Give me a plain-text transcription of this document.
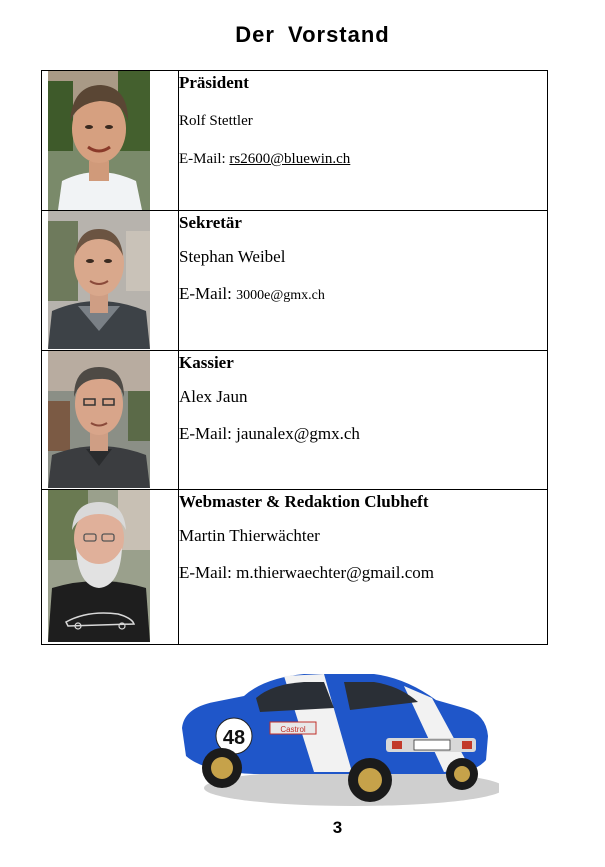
Der Vorstand

Präsident
Rolf Stettler
E-Mail: rs2600@bluewin.ch

Sekretär
Stephan Weibel
E-Mail: 3000e@gmx.ch

Kassier
Alex Jaun
E-Mail: jaunalex@gmx.ch

Webmaster & Redaktion Clubheft
Martin Thierwächter
E-Mail: m.thierwaechter@gmail.com
48	Castrol
3
